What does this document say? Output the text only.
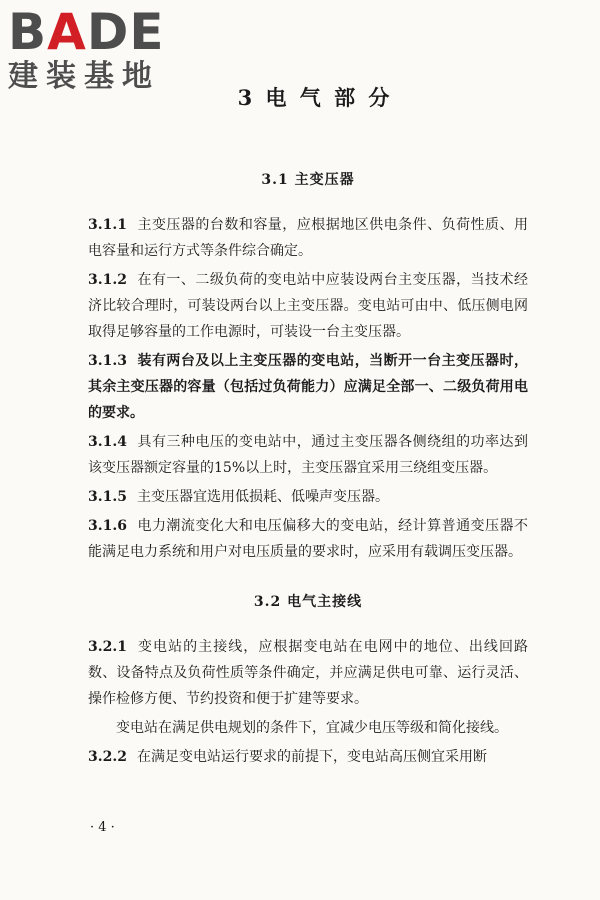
BADE
建装基地
3 电 气 部 分
3.1 主变压器

3.1.1 主变压器的台数和容量，应根据地区供电条件、负荷性质、用电容量和运行方式等条件综合确定。

3.1.2 在有一、二级负荷的变电站中应装设两台主变压器，当技术经济比较合理时，可装设两台以上主变压器。变电站可由中、低压侧电网取得足够容量的工作电源时，可装设一台主变压器。

3.1.3 装有两台及以上主变压器的变电站，当断开一台主变压器时，其余主变压器的容量（包括过负荷能力）应满足全部一、二级负荷用电的要求。

3.1.4 具有三种电压的变电站中，通过主变压器各侧绕组的功率达到该变压器额定容量的15%以上时，主变压器宜采用三绕组变压器。

3.1.5 主变压器宜选用低损耗、低噪声变压器。

3.1.6 电力潮流变化大和电压偏移大的变电站，经计算普通变压器不能满足电力系统和用户对电压质量的要求时，应采用有载调压变压器。

3.2 电气主接线

3.2.1 变电站的主接线，应根据变电站在电网中的地位、出线回路数、设备特点及负荷性质等条件确定，并应满足供电可靠、运行灵活、操作检修方便、节约投资和便于扩建等要求。

变电站在满足供电规划的条件下，宜减少电压等级和简化接线。

3.2.2 在满足变电站运行要求的前提下，变电站高压侧宜采用断

· 4 ·
